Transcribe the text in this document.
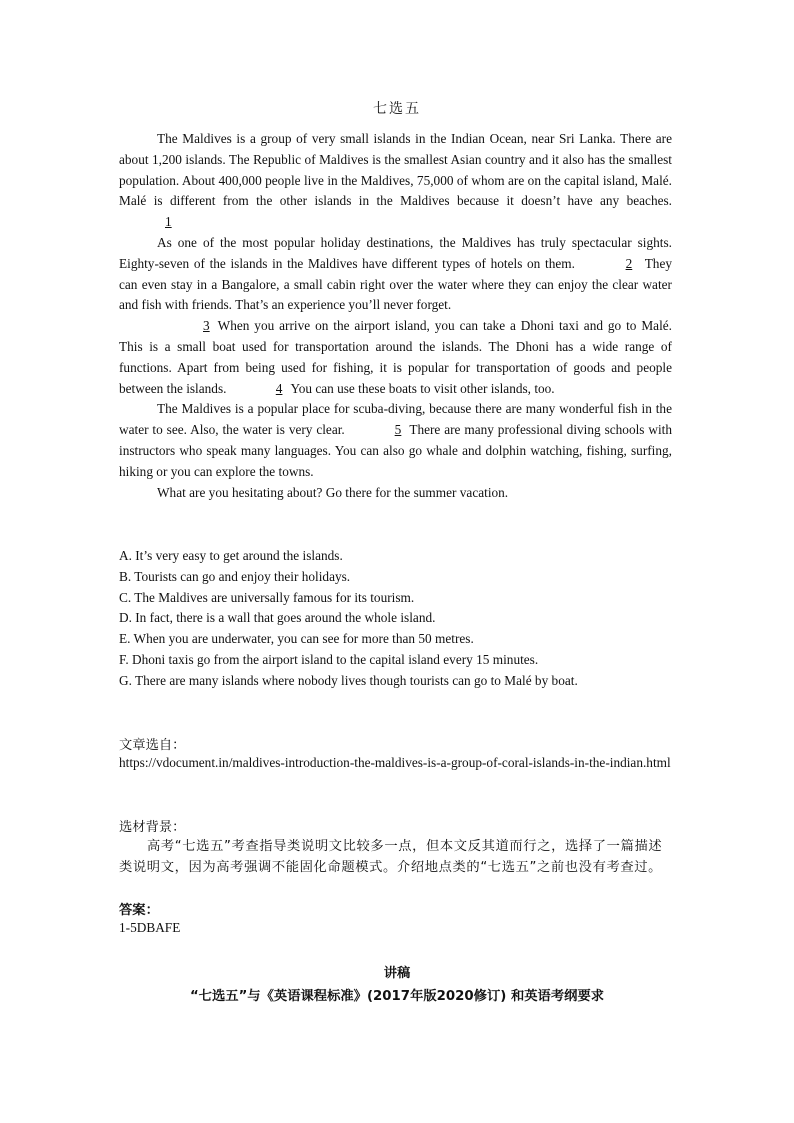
七选五

The Maldives is a group of very small islands in the Indian Ocean, near Sri Lanka. There are about 1,200 islands. The Republic of Maldives is the smallest Asian country and it also has the smallest population. About 400,000 people live in the Maldives, 75,000 of whom are on the capital island, Malé. Malé is different from the other islands in the Maldives because it doesn’t have any beaches. 1

As one of the most popular holiday destinations, the Maldives has truly spectacular sights. Eighty-seven of the islands in the Maldives have different types of hotels on them.	2 They can even stay in a Bangalore, a small cabin right over the water where they can enjoy the clear water and fish with friends. That’s an experience you’ll never forget.

3 When you arrive on the airport island, you can take a Dhoni taxi and go to Malé. This is a small boat used for transportation around the islands. The Dhoni has a wide range of functions. Apart from being used for fishing, it is popular for transportation of goods and people between the islands.	4 You can use these boats to visit other islands, too.

The Maldives is a popular place for scuba-diving, because there are many wonderful fish in the water to see. Also, the water is very clear.	5 There are many professional diving schools with instructors who speak many languages. You can also go whale and dolphin watching, fishing, surfing, hiking or you can explore the towns.

What are you hesitating about? Go there for the summer vacation.

A. It’s very easy to get around the islands.
B. Tourists can go and enjoy their holidays.
C. The Maldives are universally famous for its tourism.
D. In fact, there is a wall that goes around the whole island.
E. When you are underwater, you can see for more than 50 metres.
F. Dhoni taxis go from the airport island to the capital island every 15 minutes.
G. There are many islands where nobody lives though tourists can go to Malé by boat.
文章选自：
https://vdocument.in/maldives-introduction-the-maldives-is-a-group-of-coral-islands-in-the-indian.html
选材背景：
高考“七选五”考查指导类说明文比较多一点，但本文反其道而行之，选择了一篇描述类说明文，因为高考强调不能固化命题模式。介绍地点类的“七选五”之前也没有考查过。
答案：
1-5DBAFE
讲稿
“七选五”与《英语课程标准》(2017年版2020修订) 和英语考纲要求
